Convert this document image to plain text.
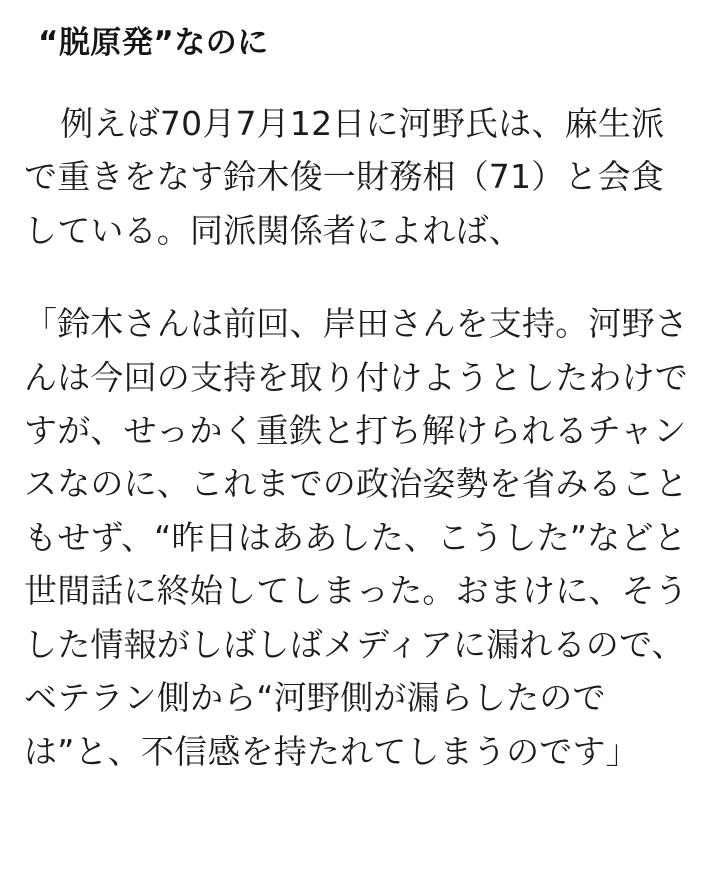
“脱原発”なのに

例えば70月7月12日に河野氏は、麻生派で重きをなす鈴木俊一財務相（71）と会食している。同派関係者によれば、

「鈴木さんは前回、岸田さんを支持。河野さんは今回の支持を取り付けようとしたわけですが、せっかく重鉄と打ち解けられるチャンスなのに、これまでの政治姿勢を省みることもせず、“昨日はああした、こうした”などと世間話に終始してしまった。おまけに、そうした情報がしばしばメディアに漏れるので、ベテラン側から“河野側が漏らしたのでは”と、不信感を持たれてしまうのです」
